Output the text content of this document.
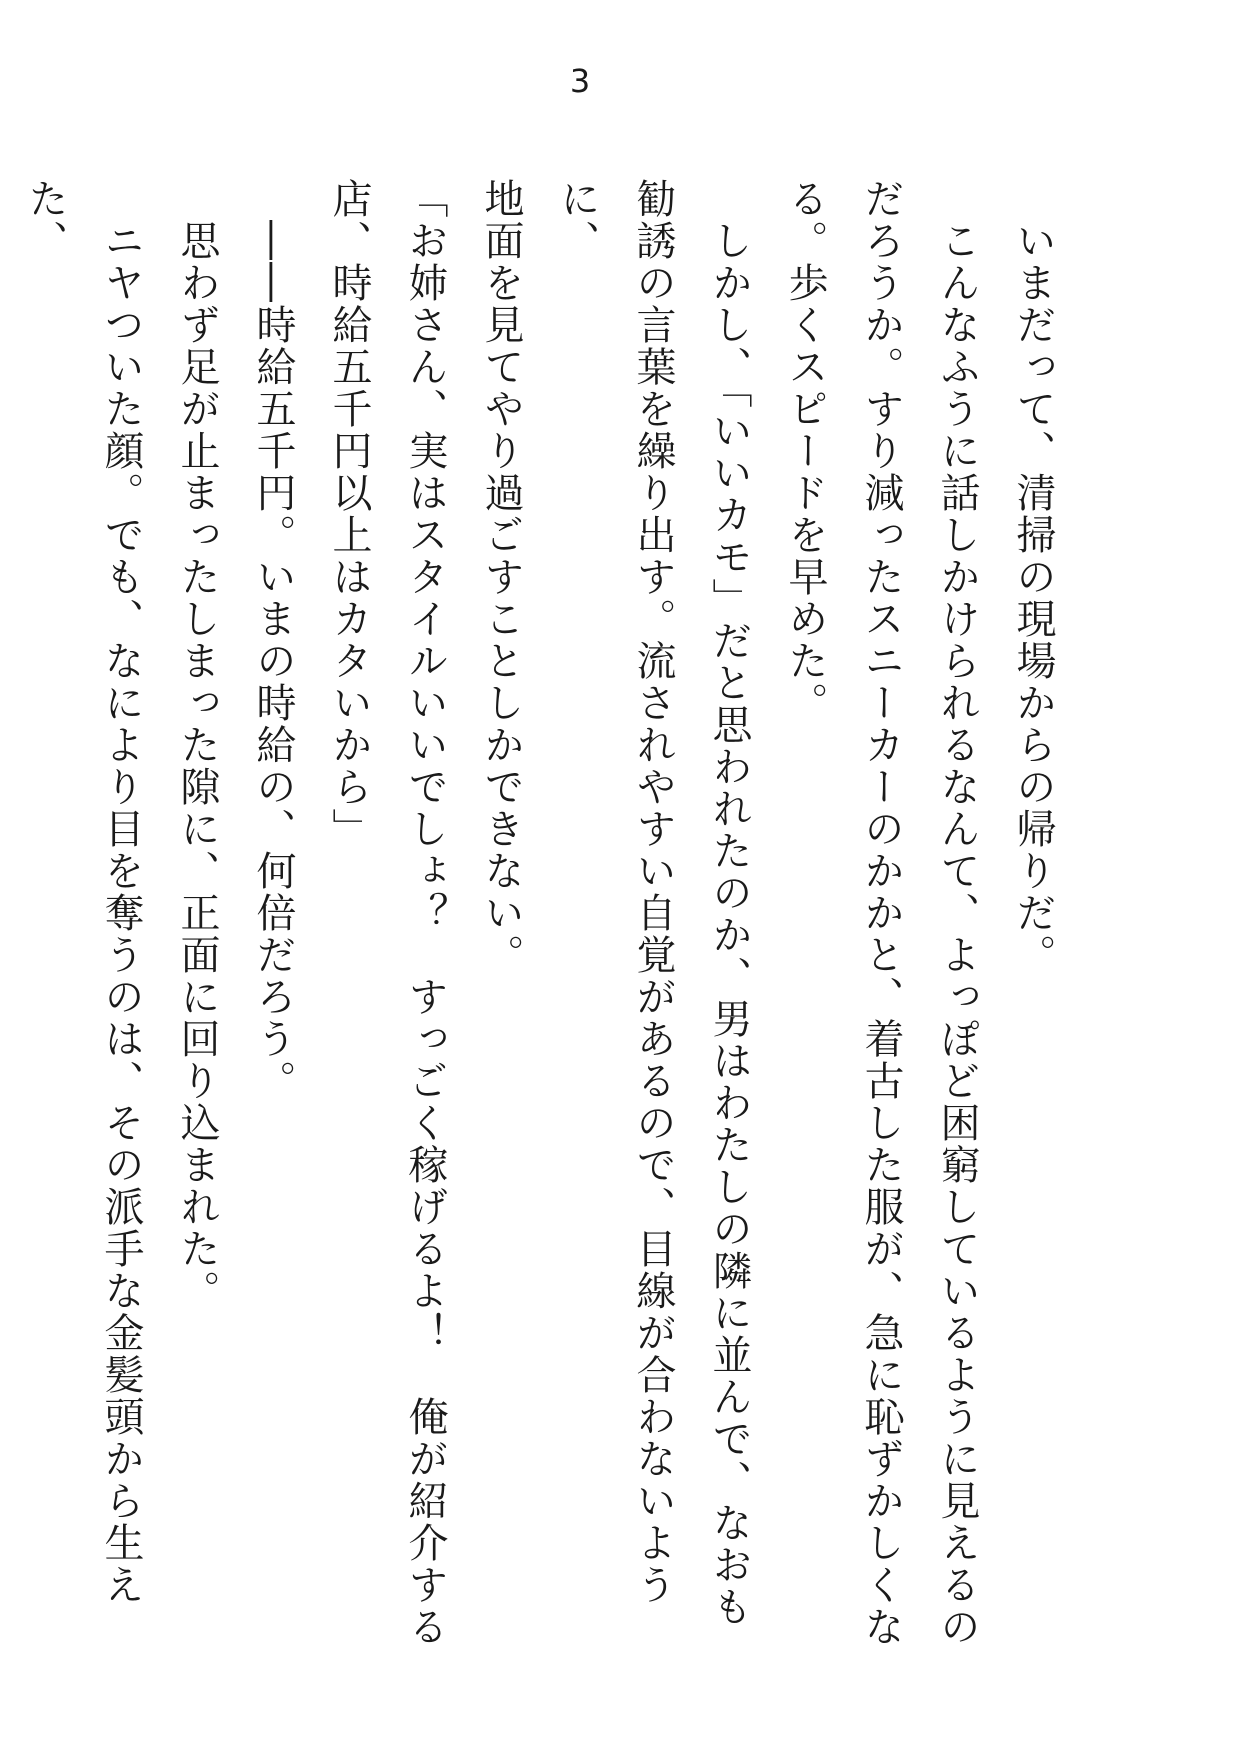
3

　いまだって、清掃の現場からの帰りだ。

　こんなふうに話しかけられるなんて、よっぽど困窮しているように見えるの

だろうか。すり減ったスニーカーのかかと、着古した服が、急に恥ずかしくな

る。歩くスピードを早めた。

　しかし、「いいカモ」だと思われたのか、男はわたしの隣に並んで、なおも

勧誘の言葉を繰り出す。流されやすい自覚があるので、目線が合わないように、

地面を見てやり過ごすことしかできない。

「お姉さん、実はスタイルいいでしょ？　すっごく稼げるよ！　俺が紹介する

店、時給五千円以上はカタいから」

　――時給五千円。いまの時給の、何倍だろう。

　思わず足が止まったしまった隙に、正面に回り込まれた。

　ニヤついた顔。でも、なにより目を奪うのは、その派手な金髪頭から生えた、
